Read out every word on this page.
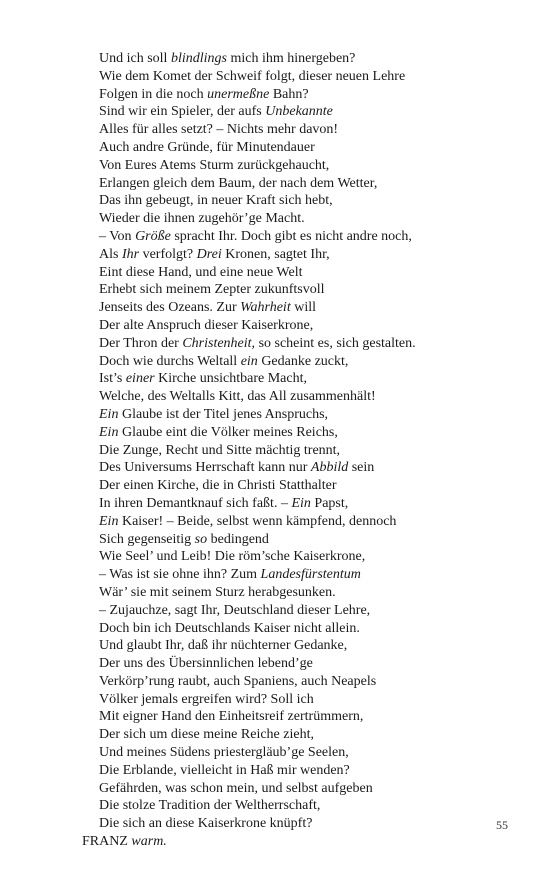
Und ich soll blindlings mich ihm hinergeben?
Wie dem Komet der Schweif folgt, dieser neuen Lehre
Folgen in die noch unermeßne Bahn?
Sind wir ein Spieler, der aufs Unbekannte
Alles für alles setzt? – Nichts mehr davon!
Auch andre Gründe, für Minutendauer
Von Eures Atems Sturm zurückgehaucht,
Erlangen gleich dem Baum, der nach dem Wetter,
Das ihn gebeugt, in neuer Kraft sich hebt,
Wieder die ihnen zugehör’ge Macht.
– Von Größe spracht Ihr. Doch gibt es nicht andre noch,
Als Ihr verfolgt? Drei Kronen, sagtet Ihr,
Eint diese Hand, und eine neue Welt
Erhebt sich meinem Zepter zukunftsvoll
Jenseits des Ozeans. Zur Wahrheit will
Der alte Anspruch dieser Kaiserkrone,
Der Thron der Christenheit, so scheint es, sich gestalten.
Doch wie durchs Weltall ein Gedanke zuckt,
Ist’s einer Kirche unsichtbare Macht,
Welche, des Weltalls Kitt, das All zusammenhält!
Ein Glaube ist der Titel jenes Anspruchs,
Ein Glaube eint die Völker meines Reichs,
Die Zunge, Recht und Sitte mächtig trennt,
Des Universums Herrschaft kann nur Abbild sein
Der einen Kirche, die in Christi Statthalter
In ihren Demantknauf sich faßt. – Ein Papst,
Ein Kaiser! – Beide, selbst wenn kämpfend, dennoch
Sich gegenseitig so bedingend
Wie Seel’ und Leib! Die röm’sche Kaiserkrone,
– Was ist sie ohne ihn? Zum Landesfürstentum
Wär’ sie mit seinem Sturz herabgesunken.
– Zujauchze, sagt Ihr, Deutschland dieser Lehre,
Doch bin ich Deutschlands Kaiser nicht allein.
Und glaubt Ihr, daß ihr nüchterner Gedanke,
Der uns des Übersinnlichen lebend’ge
Verkörp’rung raubt, auch Spaniens, auch Neapels
Völker jemals ergreifen wird? Soll ich
Mit eigner Hand den Einheitsreif zertrümmern,
Der sich um diese meine Reiche zieht,
Und meines Südens priestergläub’ge Seelen,
Die Erblande, vielleicht in Haß mir wenden?
Gefährden, was schon mein, und selbst aufgeben
Die stolze Tradition der Weltherrschaft,
Die sich an diese Kaiserkrone knüpft?
FRANZ warm.
55
